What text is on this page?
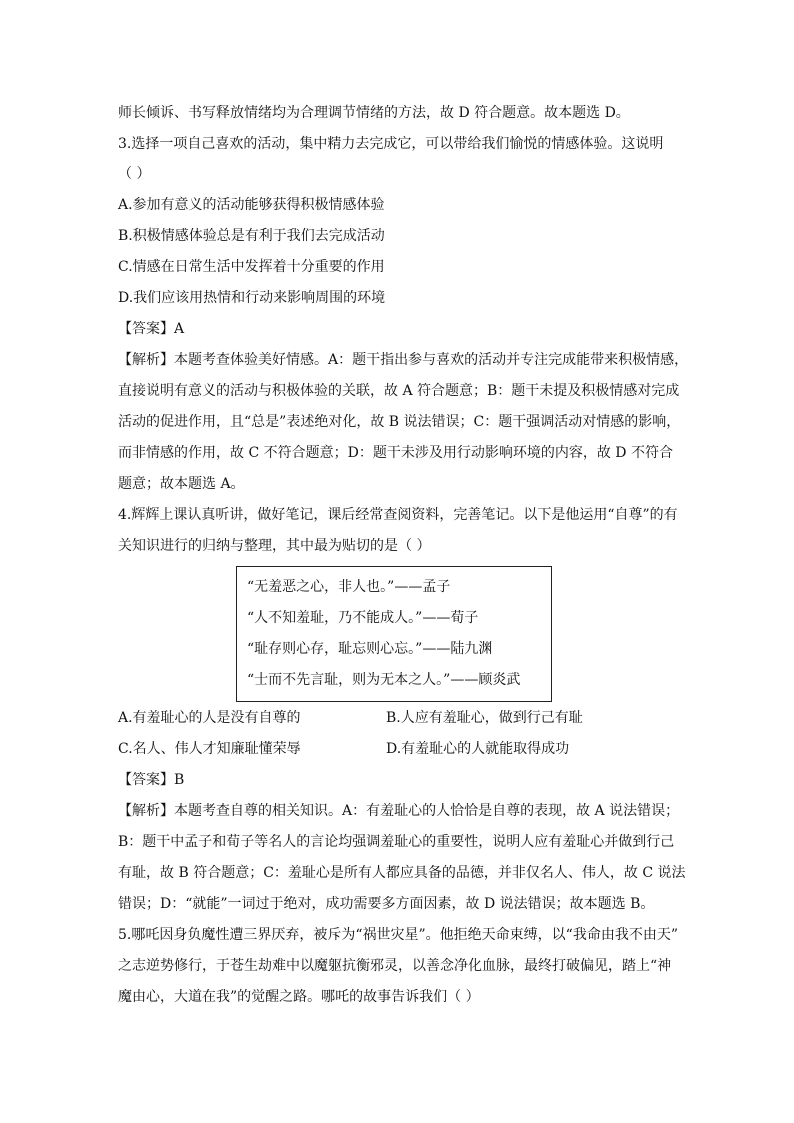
师长倾诉、书写释放情绪均为合理调节情绪的方法，故 D 符合题意。故本题选 D。
3.选择一项自己喜欢的活动，集中精力去完成它，可以带给我们愉悦的情感体验。这说明
（ ）
A.参加有意义的活动能够获得积极情感体验
B.积极情感体验总是有利于我们去完成活动
C.情感在日常生活中发挥着十分重要的作用
D.我们应该用热情和行动来影响周围的环境
【答案】A
【解析】本题考查体验美好情感。A：题干指出参与喜欢的活动并专注完成能带来积极情感，
直接说明有意义的活动与积极体验的关联，故 A 符合题意；B：题干未提及积极情感对完成
活动的促进作用，且“总是”表述绝对化，故 B 说法错误；C：题干强调活动对情感的影响，
而非情感的作用，故 C 不符合题意；D：题干未涉及用行动影响环境的内容，故 D 不符合
题意；故本题选 A。
4.辉辉上课认真听讲，做好笔记，课后经常查阅资料，完善笔记。以下是他运用“自尊”的有
关知识进行的归纳与整理，其中最为贴切的是（ ）
“无羞恶之心，非人也。”——孟子
“人不知羞耻，乃不能成人。”——荀子
“耻存则心存，耻忘则心忘。”——陆九渊
“士而不先言耻，则为无本之人。”——顾炎武
A.有羞耻心的人是没有自尊的	B.人应有羞耻心，做到行己有耻
C.名人、伟人才知廉耻懂荣辱	D.有羞耻心的人就能取得成功
【答案】B
【解析】本题考查自尊的相关知识。A：有羞耻心的人恰恰是自尊的表现，故 A 说法错误；
B：题干中孟子和荀子等名人的言论均强调羞耻心的重要性，说明人应有羞耻心并做到行己
有耻，故 B 符合题意；C：羞耻心是所有人都应具备的品德，并非仅名人、伟人，故 C 说法
错误；D：“就能”一词过于绝对，成功需要多方面因素，故 D 说法错误；故本题选 B。
5.哪吒因身负魔性遭三界厌弃，被斥为“祸世灾星”。他拒绝天命束缚，以“我命由我不由天”
之志逆势修行，于苍生劫难中以魔躯抗衡邪灵，以善念净化血脉，最终打破偏见，踏上“神
魔由心，大道在我”的觉醒之路。哪吒的故事告诉我们（ ）
